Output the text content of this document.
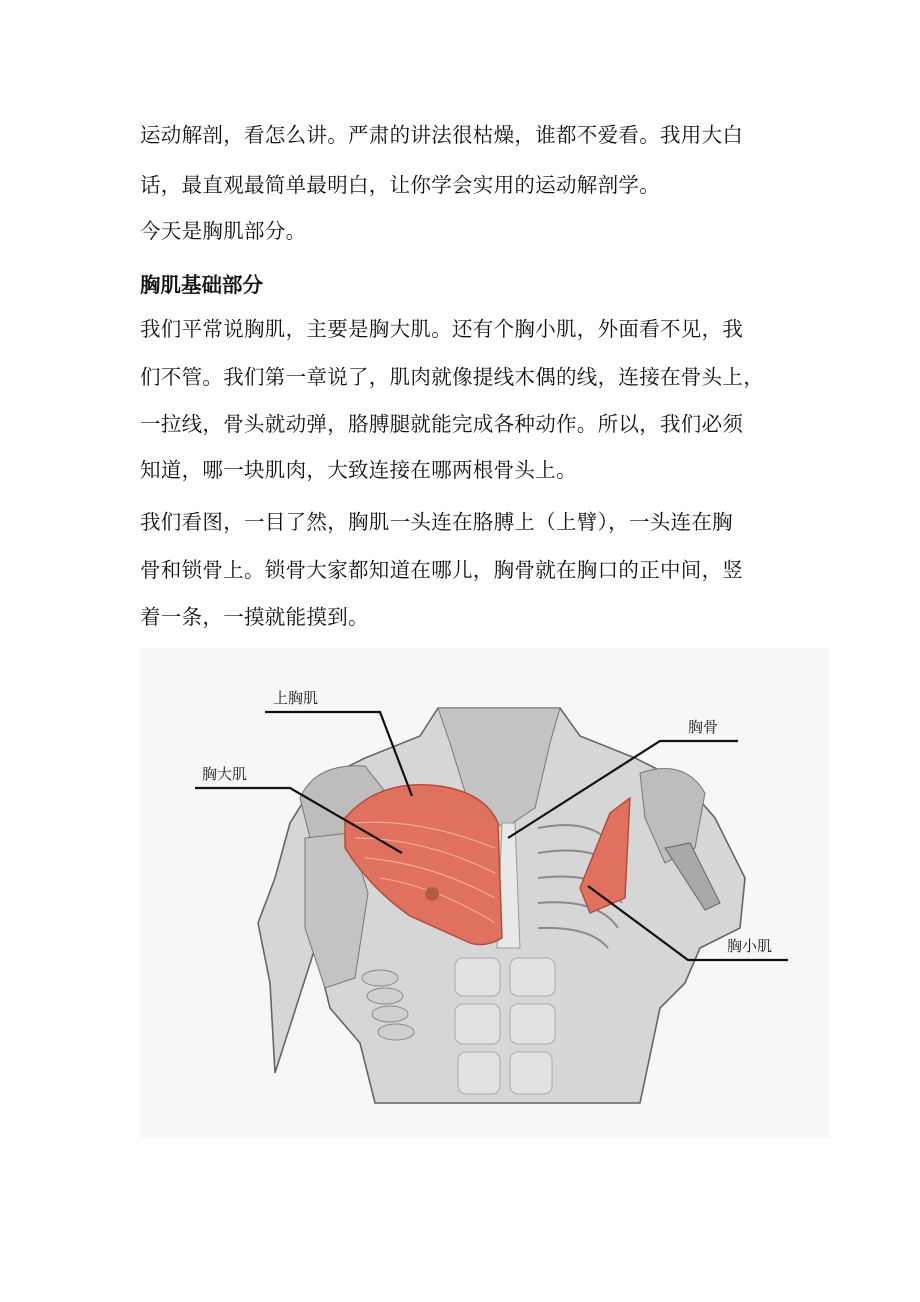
运动解剖，看怎么讲。严肃的讲法很枯燥，谁都不爱看。我用大白

话，最直观最简单最明白，让你学会实用的运动解剖学。

今天是胸肌部分。

胸肌基础部分

我们平常说胸肌，主要是胸大肌。还有个胸小肌，外面看不见，我

们不管。我们第一章说了，肌肉就像提线木偶的线，连接在骨头上，

一拉线，骨头就动弹，胳膊腿就能完成各种动作。所以，我们必须

知道，哪一块肌肉，大致连接在哪两根骨头上。

我们看图，一目了然，胸肌一头连在胳膊上（上臂），一头连在胸

骨和锁骨上。锁骨大家都知道在哪儿，胸骨就在胸口的正中间，竖

着一条，一摸就能摸到。

上胸肌
胸大肌
胸骨
胸小肌
